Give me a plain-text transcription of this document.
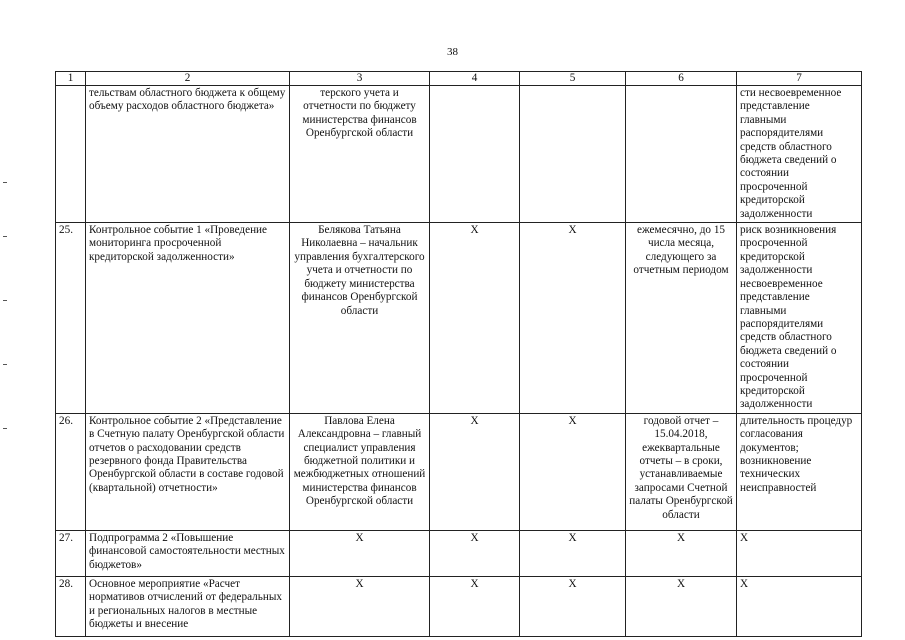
38
1	2	3	4	5	6	7
	тельствам областного бюджета к общему объему расходов областного бюджета»	терского учета и отчетности по бюджету министерства финансов Оренбургской области				сти несвоевременное представление главными распорядителями средств областного бюджета сведений о состоянии просроченной кредиторской задолженности
25.	Контрольное событие 1 «Проведение мониторинга просроченной кредиторской задолженности»	Белякова Татьяна Николаевна – начальник управления бухгалтерского учета и отчетности по бюджету министерства финансов Оренбургской области	X	X	ежемесячно, до 15 числа месяца, следующего за отчетным периодом	риск возникновения просроченной кредиторской задолженности несвоевременное представление главными распорядителями средств областного бюджета сведений о состоянии просроченной кредиторской задолженности
26.	Контрольное событие 2 «Представление в Счетную палату Оренбургской области отчетов о расходовании средств резервного фонда Правительства Оренбургской области в составе годовой (квартальной) отчетности»	Павлова Елена Александровна – главный специалист управления бюджетной политики и межбюджетных отношений министерства финансов Оренбургской области	X	X	годовой отчет – 15.04.2018, ежеквартальные отчеты – в сроки, устанавливаемые запросами Счетной палаты Оренбургской области	длительность процедур согласования документов; возникновение технических неисправностей
27.	Подпрограмма 2 «Повышение финансовой самостоятельности местных бюджетов»	X	X	X	X	X
28.	Основное мероприятие «Расчет нормативов отчислений от федеральных и региональных налогов в местные бюджеты и внесение	X	X	X	X	X
